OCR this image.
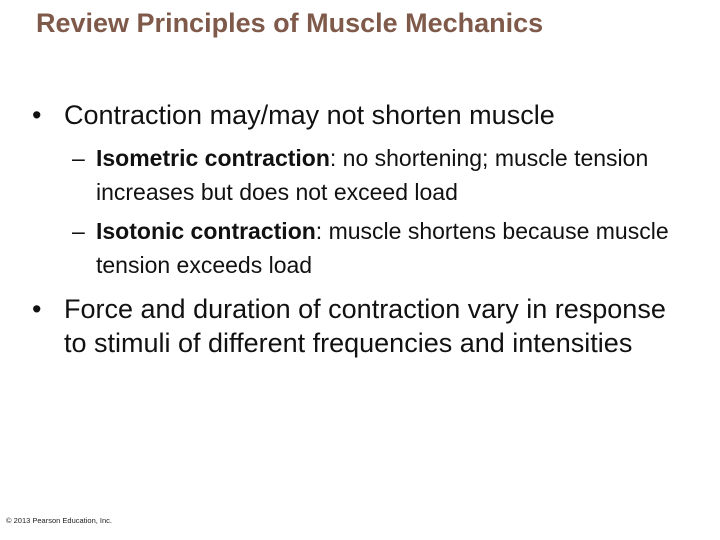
Review Principles of Muscle Mechanics
• Contraction may/may not shorten muscle
– Isometric contraction: no shortening; muscle tension increases but does not exceed load
– Isotonic contraction: muscle shortens because muscle tension exceeds load
• Force and duration of contraction vary in response to stimuli of different frequencies and intensities
© 2013 Pearson Education, Inc.
